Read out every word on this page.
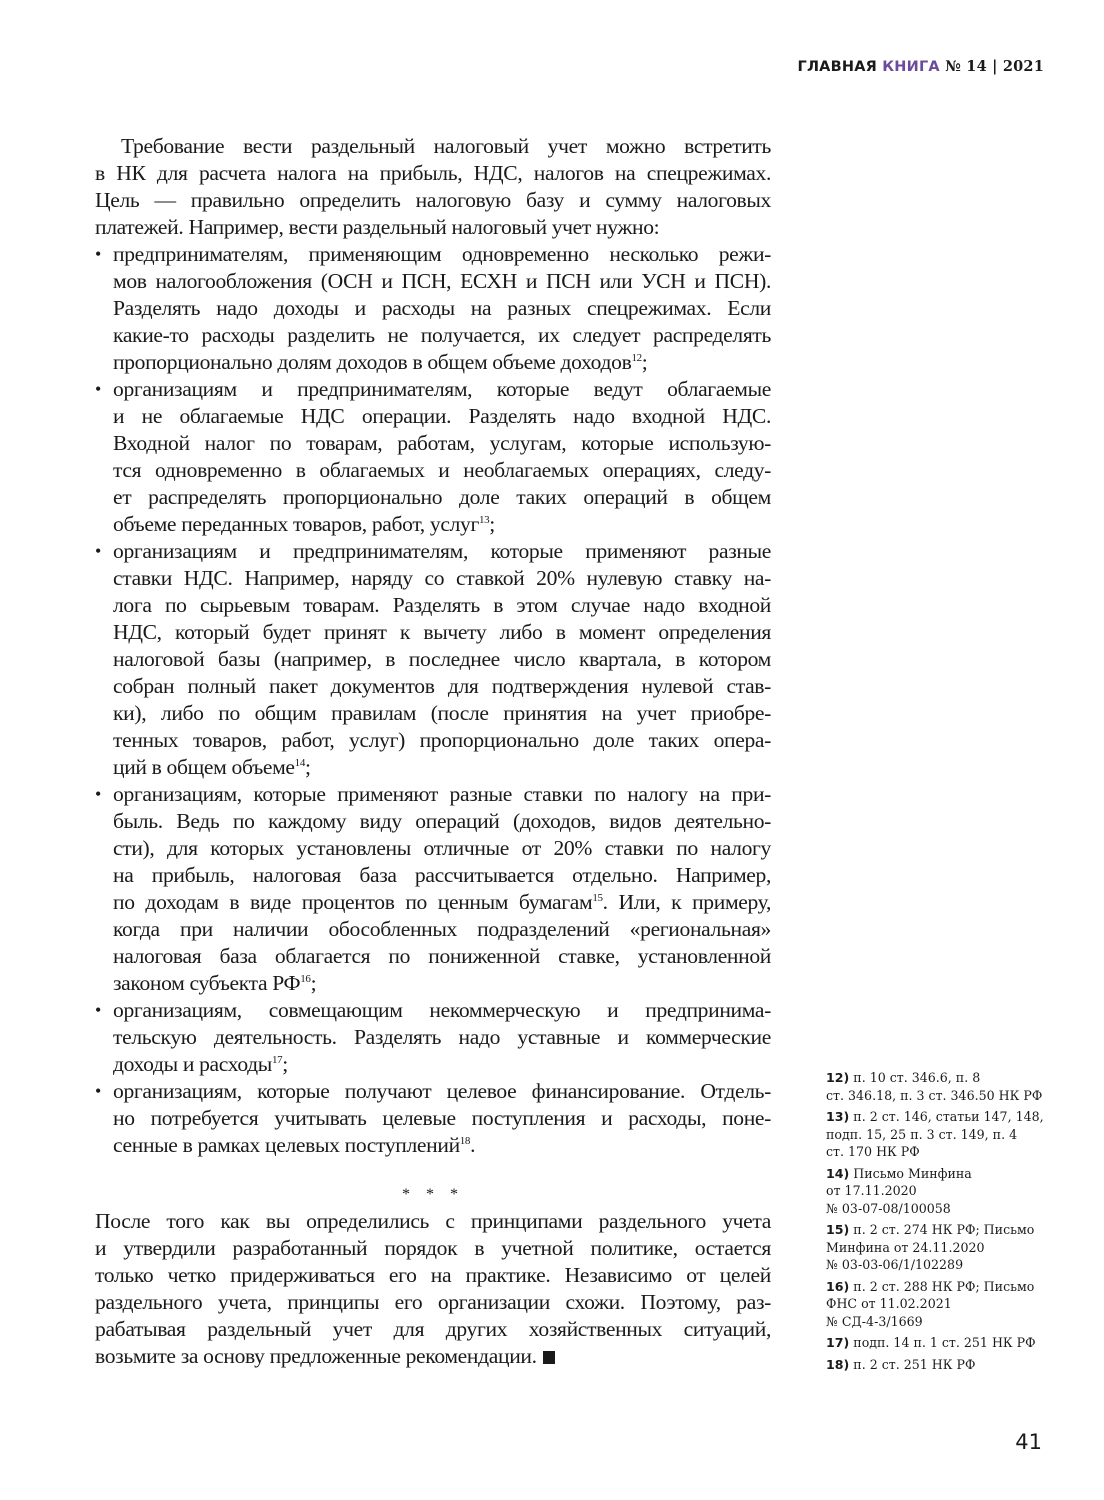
ГЛАВНАЯ КНИГА № 14 | 2021
Требование вести раздельный налоговый учет можно встретить
в НК для расчета налога на прибыль, НДС, налогов на спецрежимах.
Цель — правильно определить налоговую базу и сумму налоговых
платежей. Например, вести раздельный налоговый учет нужно:
• предпринимателям, применяющим одновременно несколько режи-
мов налогообложения (ОСН и ПСН, ЕСХН и ПСН или УСН и ПСН).
Разделять надо доходы и расходы на разных спецрежимах. Если
какие-то расходы разделить не получается, их следует распределять
пропорционально долям доходов в общем объеме доходов$^{12}$;
• организациям и предпринимателям, которые ведут облагаемые
и не облагаемые НДС операции. Разделять надо входной НДС.
Входной налог по товарам, работам, услугам, которые использую-
тся одновременно в облагаемых и необлагаемых операциях, следу-
ет распределять пропорционально доле таких операций в общем
объеме переданных товаров, работ, услуг$^{13}$;
• организациям и предпринимателям, которые применяют разные
ставки НДС. Например, наряду со ставкой 20% нулевую ставку на-
лога по сырьевым товарам. Разделять в этом случае надо входной
НДС, который будет принят к вычету либо в момент определения
налоговой базы (например, в последнее число квартала, в котором
собран полный пакет документов для подтверждения нулевой став-
ки), либо по общим правилам (после принятия на учет приобре-
тенных товаров, работ, услуг) пропорционально доле таких опера-
ций в общем объеме$^{14}$;
• организациям, которые применяют разные ставки по налогу на при-
быль. Ведь по каждому виду операций (доходов, видов деятельно-
сти), для которых установлены отличные от 20% ставки по налогу
на прибыль, налоговая база рассчитывается отдельно. Например,
по доходам в виде процентов по ценным бумагам$^{15}$. Или, к примеру,
когда при наличии обособленных подразделений «региональная»
налоговая база облагается по пониженной ставке, установленной
законом субъекта РФ$^{16}$;
• организациям, совмещающим некоммерческую и предпринима-
тельскую деятельность. Разделять надо уставные и коммерческие
доходы и расходы$^{17}$;
• организациям, которые получают целевое финансирование. Отдель-
но потребуется учитывать целевые поступления и расходы, поне-
сенные в рамках целевых поступлений$^{18}$.
* * *
После того как вы определились с принципами раздельного учета
и утвердили разработанный порядок в учетной политике, остается
только четко придерживаться его на практике. Независимо от целей
раздельного учета, принципы его организации схожи. Поэтому, раз-
рабатывая раздельный учет для других хозяйственных ситуаций,
возьмите за основу предложенные рекомендации.
12) п. 10 ст. 346.6, п. 8
ст. 346.18, п. 3 ст. 346.50 НК РФ
13) п. 2 ст. 146, статьи 147, 148,
подп. 15, 25 п. 3 ст. 149, п. 4
ст. 170 НК РФ
14) Письмо Минфина
от 17.11.2020
№ 03-07-08/100058
15) п. 2 ст. 274 НК РФ; Письмо
Минфина от 24.11.2020
№ 03-03-06/1/102289
16) п. 2 ст. 288 НК РФ; Письмо
ФНС от 11.02.2021
№ СД-4-3/1669
17) подп. 14 п. 1 ст. 251 НК РФ
18) п. 2 ст. 251 НК РФ
41
